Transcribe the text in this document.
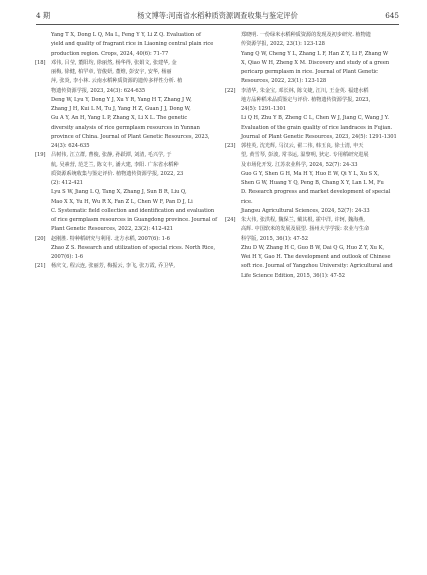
4 期	杨文博等:河南省水稻种质资源调查收集与鉴定评价	645

Yang T X, Dong L Q, Ma L, Feng Y Y, Li Z Q. Evaluation of

yield and quality of fragrant rice in Liaoning central plain rice

production region. Crops, 2024, 40(6): 71-77

[18] 邓伟, 吕莹, 董阳均, 徐丽然, 杨华得, 张娟文, 张建华, 金

丽梅, 徐健, 柏罕章, 管俊妍, 董维, 彭安宇, 安华, 杨丽

萍, 张炎, 李小林. 云南水稻种质资源的遗传多样性分析. 植

物遗传资源学报, 2023, 24(3): 624-635

Deng W, Lyu Y, Dong Y J, Xu Y R, Yang H T, Zhang J W,

Zhang J H, Kui L M, Tu J, Yang H Z, Guan J J, Dong W,

Gu A Y, An H, Yang L P, Zhang X, Li X L. The genetic

diversity analysis of rice germplasm resources in Yunnan

province of China. Journal of Plant Genetic Resources, 2023,

24(3): 624-635

[19] 吕树伟, 江立群, 曹俊, 张静, 孙跃潭, 刘清, 毛兴学, 于

航, 吴素营, 范芝兰, 陈文丰, 潘大建, 李阳. 广东省水稻种

质资源系统收集与鉴定评价. 植物遗传资源学报, 2022, 23

(2): 412-421

Lyu S W, Jiang L Q, Tang X, Zhang J, Sun B R, Liu Q,

Mao X X, Yu H, Wu R X, Fan Z L, Chen W F, Pan D J, Li

C. Systematic field collection and identification and evaluation

of rice germplasm resources in Guangdong province. Journal of

Plant Genetic Resources, 2022, 23(2): 412-421

[20] 赵刚胜. 特种稻研究与利用. 北方水稻, 2007(6): 1-6

Zhao Z S. Research and utilization of special rices. North Rice,

2007(6): 1-6

[21] 杨庆文, 程云连, 张丽芳, 梅振云, 李飞, 张万霞, 乔卫华,

郑晓明. 一份绿米水稻种质资源的发现及初步研究. 植物遗

传资源学报, 2022, 23(1): 123-128

Yang Q W, Cheng Y L, Zhang L F, Han Z Y, Li F, Zhang W

X, Qiao W H, Zheng X M. Discovery and study of a green

pericarp germplasm in rice. Journal of Plant Genetic

Resources, 2022, 23(1): 123-128

[22] 李清华, 朱金宝, 邓长林, 陈文婕, 江川, 王金英. 福建水稻

地方品种稻米品质鉴定与评价. 植物遗传资源学报, 2023,

24(5): 1291-1301

Li Q H, Zhu Y B, Zheng C L, Chen W J, Jiang C, Wang J Y.

Evaluation of the grain quality of rice landraces in Fujian.

Journal of Plant Genetic Resources, 2023, 24(5): 1291-1301

[23] 郭桂英, 沈光辉, 马汉云, 翟二伟, 韩玉良, 徐士清, 申天

望, 黄雪琴, 彭波, 常书运, 温黎明, 狄定. 专用稻研究进展

及市场化开发. 江苏农业科学, 2024, 52(7): 24-33

Guo G Y, Shen G H, Ma H Y, Huo E W, Qi Y L, Xu S X,

Shen G W, Huang Y Q, Peng B, Chang X Y, Lan L M, Fu

D. Research progress and market development of special rice.

Jiangsu Agricultural Sciences, 2024, 52(7): 24-33

[24] 朱大伟, 张洪程, 魏保兰, 戴其根, 霍中洋, 许轲, 魏海燕,

高辉. 中国软米的发展及展望. 扬州大学学报: 农业与生命

科学版, 2015, 36(1): 47-52

Zhu D W, Zhang H C, Guo B W, Dai Q G, Huo Z Y, Xu K,

Wei H Y, Gao H. The development and outlook of Chinese

soft rice. Journal of Yangzhou University: Agricultural and

Life Science Edition, 2015, 36(1): 47-52
